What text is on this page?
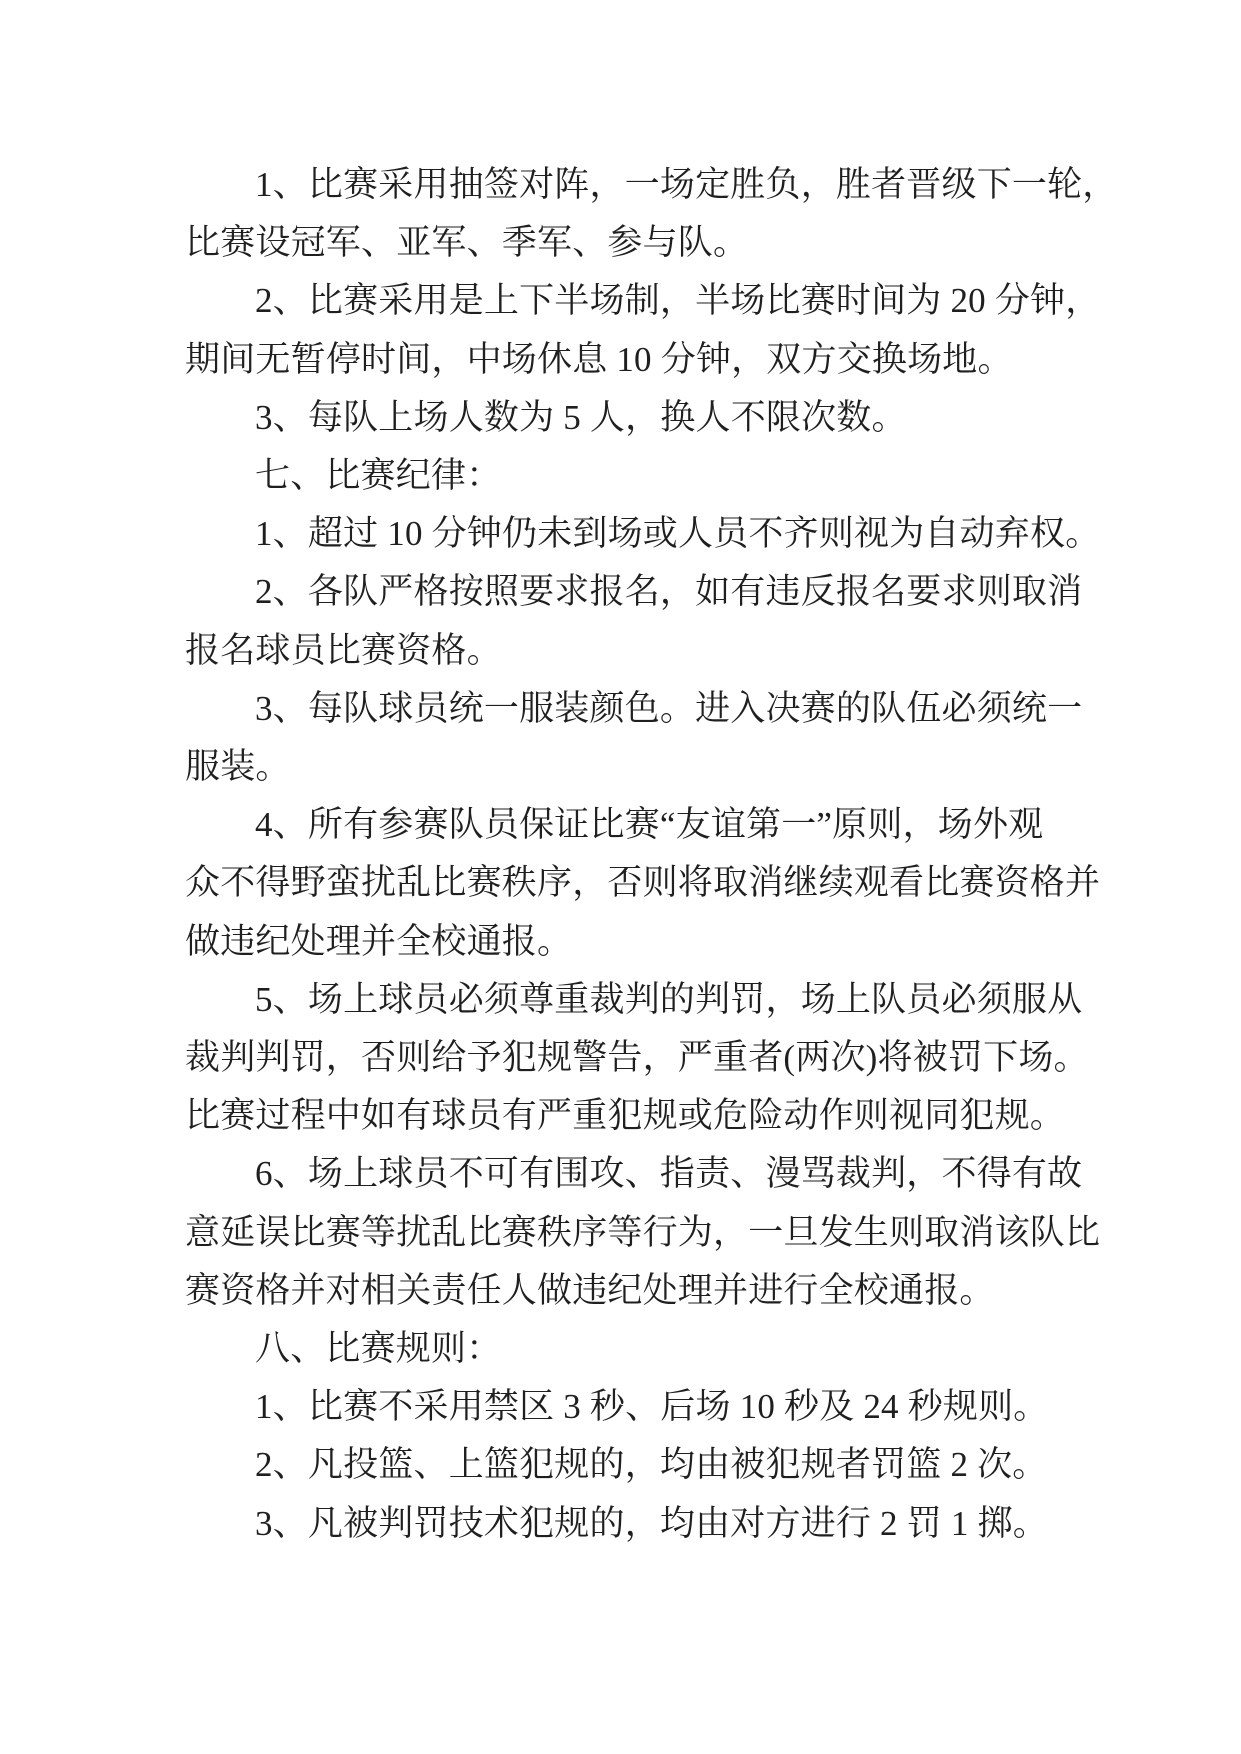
1、比赛采用抽签对阵，一场定胜负，胜者晋级下一轮，
比赛设冠军、亚军、季军、参与队。
2、比赛采用是上下半场制，半场比赛时间为 20 分钟，
期间无暂停时间，中场休息 10 分钟，双方交换场地。
3、每队上场人数为 5 人，换人不限次数。
七、比赛纪律：
1、超过 10 分钟仍未到场或人员不齐则视为自动弃权。
2、各队严格按照要求报名，如有违反报名要求则取消
报名球员比赛资格。
3、每队球员统一服装颜色。进入决赛的队伍必须统一
服装。
4、所有参赛队员保证比赛“友谊第一”原则，场外观
众不得野蛮扰乱比赛秩序，否则将取消继续观看比赛资格并
做违纪处理并全校通报。
5、场上球员必须尊重裁判的判罚，场上队员必须服从
裁判判罚，否则给予犯规警告，严重者(两次)将被罚下场。
比赛过程中如有球员有严重犯规或危险动作则视同犯规。
6、场上球员不可有围攻、指责、漫骂裁判，不得有故
意延误比赛等扰乱比赛秩序等行为，一旦发生则取消该队比
赛资格并对相关责任人做违纪处理并进行全校通报。
八、比赛规则：
1、比赛不采用禁区 3 秒、后场 10 秒及 24 秒规则。
2、凡投篮、上篮犯规的，均由被犯规者罚篮 2 次。
3、凡被判罚技术犯规的，均由对方进行 2 罚 1 掷。
